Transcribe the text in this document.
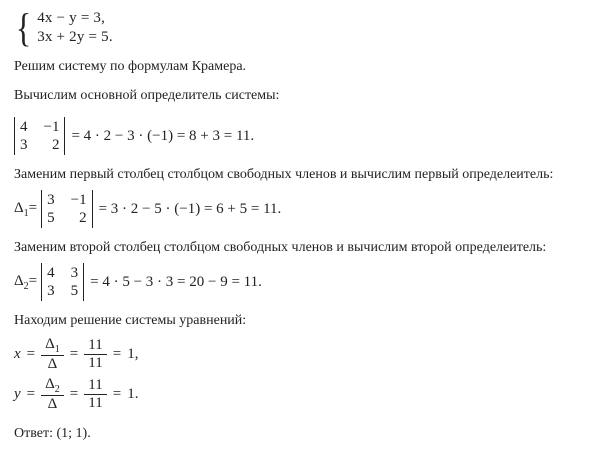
{ 4x − y = 3,
3x + 2y = 5.

Решим систему по формулам Крамера.

Вычислим основной определитель системы:

4 −1
3	2
= 4 · 2 − 3 · (−1) = 8 + 3 = 11.

Заменим первый столбец столбцом свободных членов и вычислим первый определеитель:

$\Delta_1= 3 -1$
5	2
= 3 · 2 − 5 · (−1) = 6 + 5 = 11.

Заменим второй столбец столбцом свободных членов и вычислим второй определеитель:

$\Delta_2= 4$ 3
3 5
= 4 · 5 − 3 · 3 = 20 − 9 = 11.

Находим решение системы уравнений:

$x = \frac{\Delta_1}{\Delta} = \frac{11}{11} = 1$,
$y = \frac{\Delta_2}{\Delta} = \frac{11}{11} = 1$.

Ответ: (1; 1).
